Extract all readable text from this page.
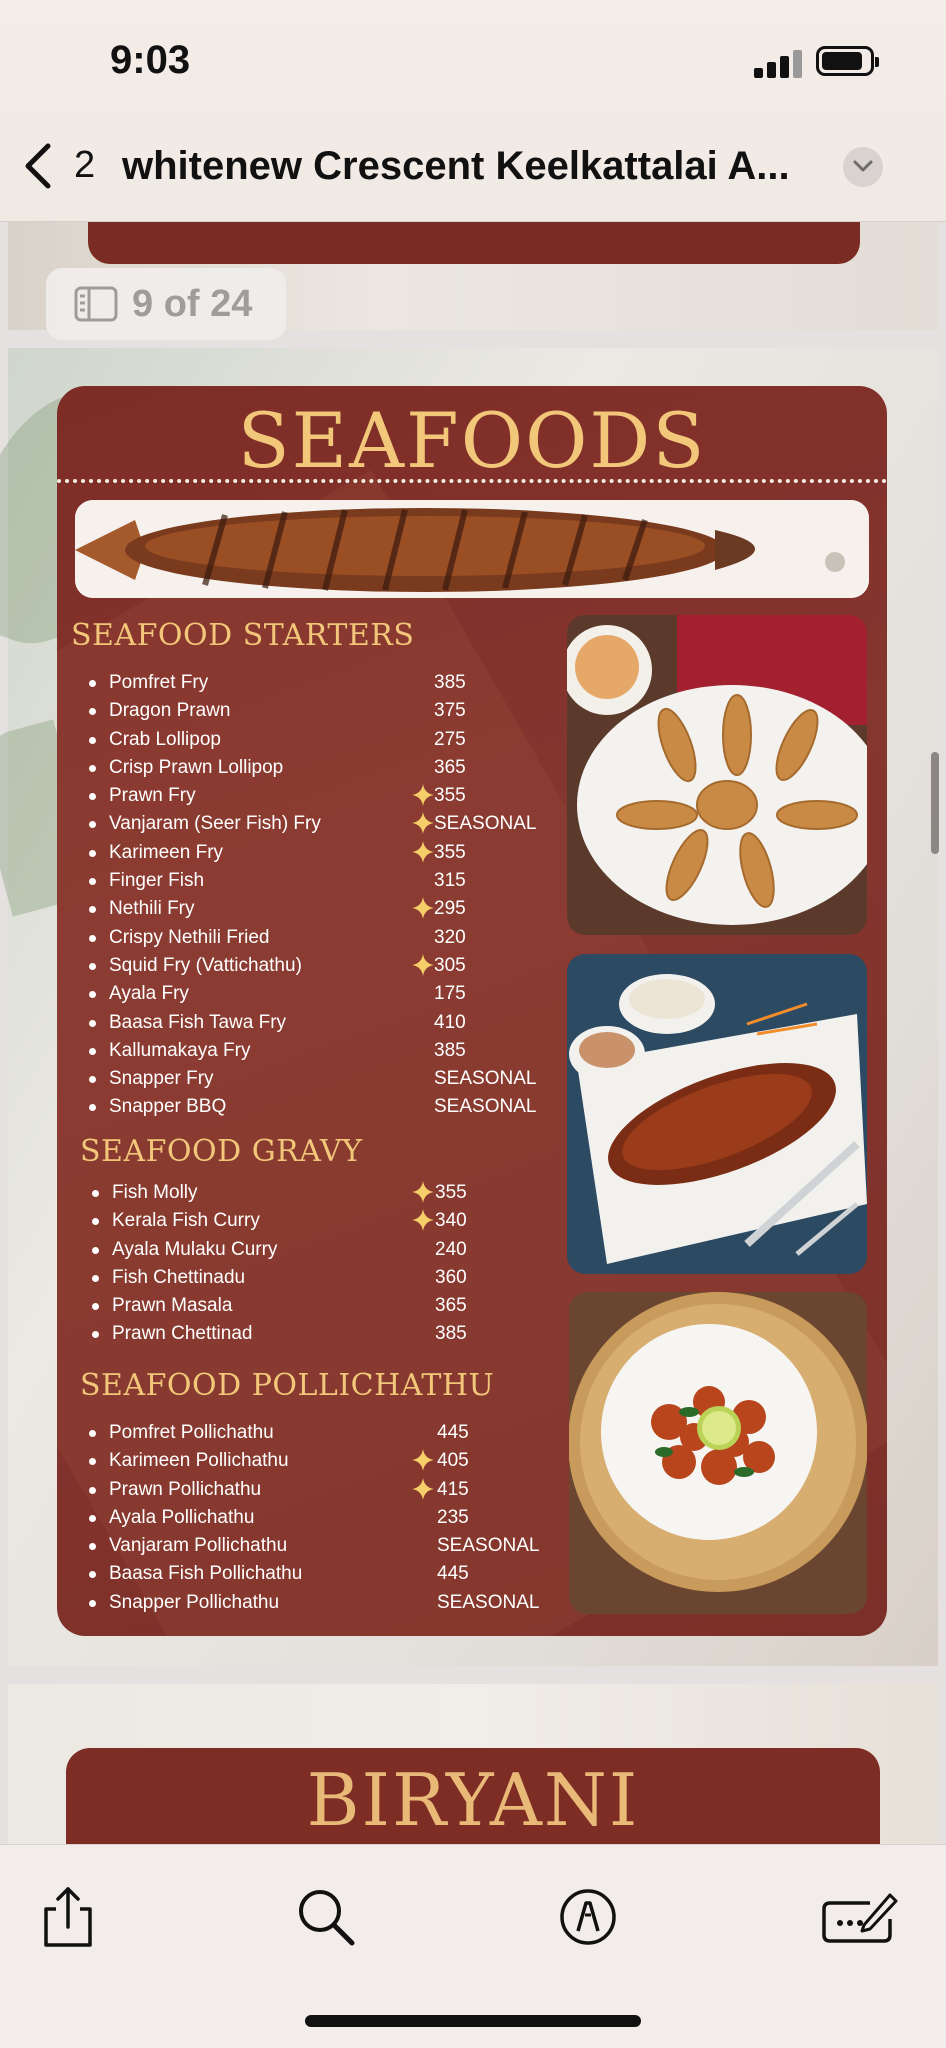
9:03
2 whitenew Crescent Keelkattalai A...
9 of 24
SEAFOODS
SEAFOOD STARTERS
Pomfret Fry	385
Dragon Prawn	375
Crab Lollipop	275
Crisp Prawn Lollipop	365
Prawn Fry	355
Vanjaram (Seer Fish) Fry	SEASONAL
Karimeen Fry	355
Finger Fish	315
Nethili Fry	295
Crispy Nethili Fried	320
Squid Fry (Vattichathu)	305
Ayala Fry	175
Baasa Fish Tawa Fry	410
Kallumakaya Fry	385
Snapper Fry	SEASONAL
Snapper BBQ	SEASONAL
SEAFOOD GRAVY
Fish Molly	355
Kerala Fish Curry	340
Ayala Mulaku Curry	240
Fish Chettinadu	360
Prawn Masala	365
Prawn Chettinad	385
SEAFOOD POLLICHATHU
Pomfret Pollichathu	445
Karimeen Pollichathu	405
Prawn Pollichathu	415
Ayala Pollichathu	235
Vanjaram Pollichathu	SEASONAL
Baasa Fish Pollichathu	445
Snapper Pollichathu	SEASONAL
BIRYANI
